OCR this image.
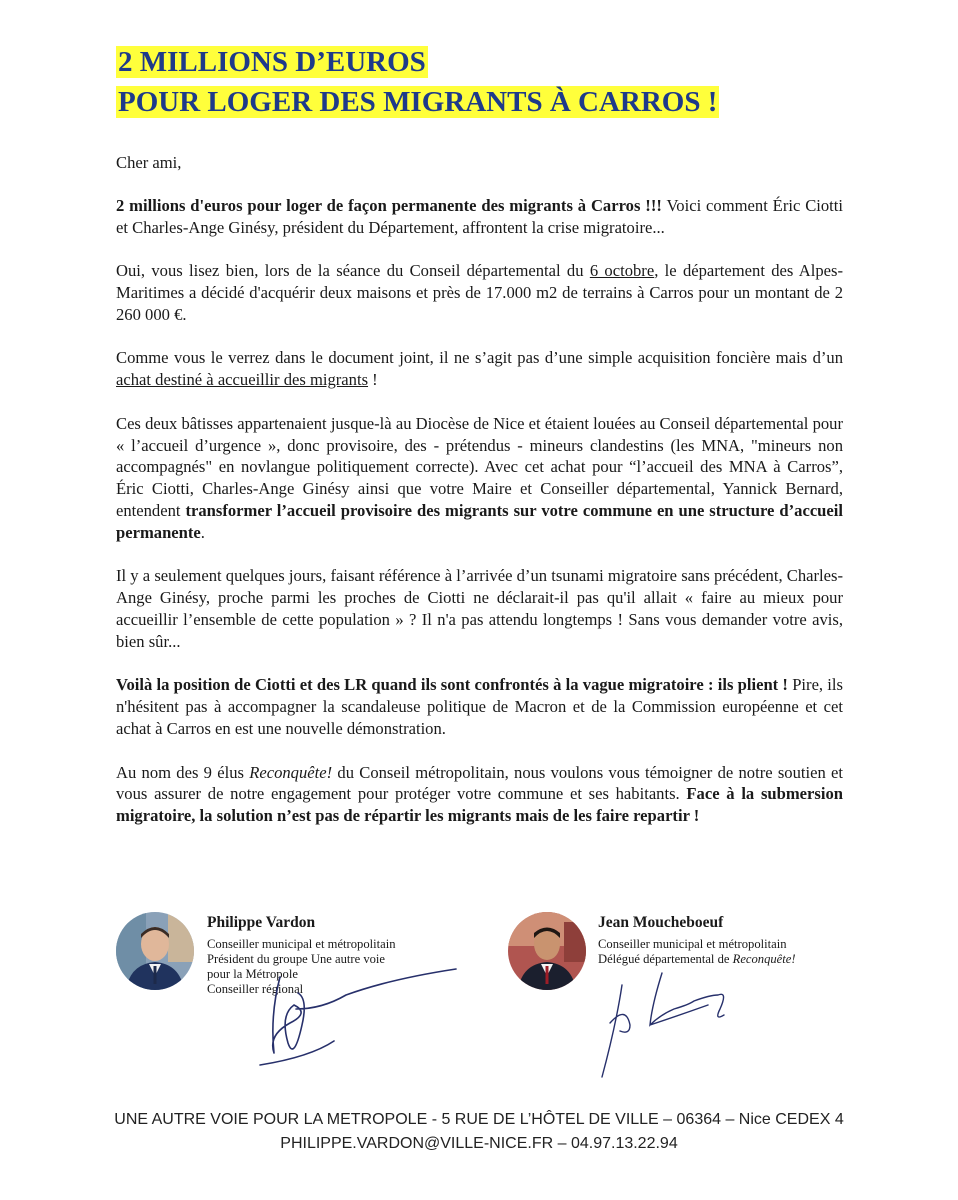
2 MILLIONS D’EUROS
POUR LOGER DES MIGRANTS À CARROS !

Cher ami,

2 millions d'euros pour loger de façon permanente des migrants à Carros !!! Voici comment Éric Ciotti et Charles-Ange Ginésy, président du Département, affrontent la crise migratoire...

Oui, vous lisez bien, lors de la séance du Conseil départemental du 6 octobre, le département des Alpes-Maritimes a décidé d'acquérir deux maisons et près de 17.000 m2 de terrains à Carros pour un montant de 2 260 000 €.

Comme vous le verrez dans le document joint, il ne s’agit pas d’une simple acquisition foncière mais d’un achat destiné à accueillir des migrants !

Ces deux bâtisses appartenaient jusque-là au Diocèse de Nice et étaient louées au Conseil départemental pour « l’accueil d’urgence », donc provisoire, des - prétendus - mineurs clandestins (les MNA, "mineurs non accompagnés" en novlangue politiquement correcte). Avec cet achat pour “l’accueil des MNA à Carros”, Éric Ciotti, Charles-Ange Ginésy ainsi que votre Maire et Conseiller départemental, Yannick Bernard, entendent transformer l’accueil provisoire des migrants sur votre commune en une structure d’accueil permanente.

Il y a seulement quelques jours, faisant référence à l’arrivée d’un tsunami migratoire sans précédent, Charles-Ange Ginésy, proche parmi les proches de Ciotti ne déclarait-il pas qu'il allait « faire au mieux pour accueillir l’ensemble de cette population » ? Il n'a pas attendu longtemps ! Sans vous demander votre avis, bien sûr...

Voilà la position de Ciotti et des LR quand ils sont confrontés à la vague migratoire : ils plient ! Pire, ils n'hésitent pas à accompagner la scandaleuse politique de Macron et de la Commission européenne et cet achat à Carros en est une nouvelle démonstration.

Au nom des 9 élus Reconquête! du Conseil métropolitain, nous voulons vous témoigner de notre soutien et vous assurer de notre engagement pour protéger votre commune et ses habitants. Face à la submersion migratoire, la solution n’est pas de répartir les migrants mais de les faire repartir !

Philippe Vardon
Conseiller municipal et métropolitain
Président du groupe Une autre voie
pour la Métropole
Conseiller régional
Jean Moucheboeuf
Conseiller municipal et métropolitain
Délégué départemental de Reconquête!
UNE AUTRE VOIE POUR LA METROPOLE - 5 RUE DE L’HÔTEL DE VILLE – 06364 – Nice CEDEX 4
PHILIPPE.VARDON@VILLE-NICE.FR – 04.97.13.22.94
